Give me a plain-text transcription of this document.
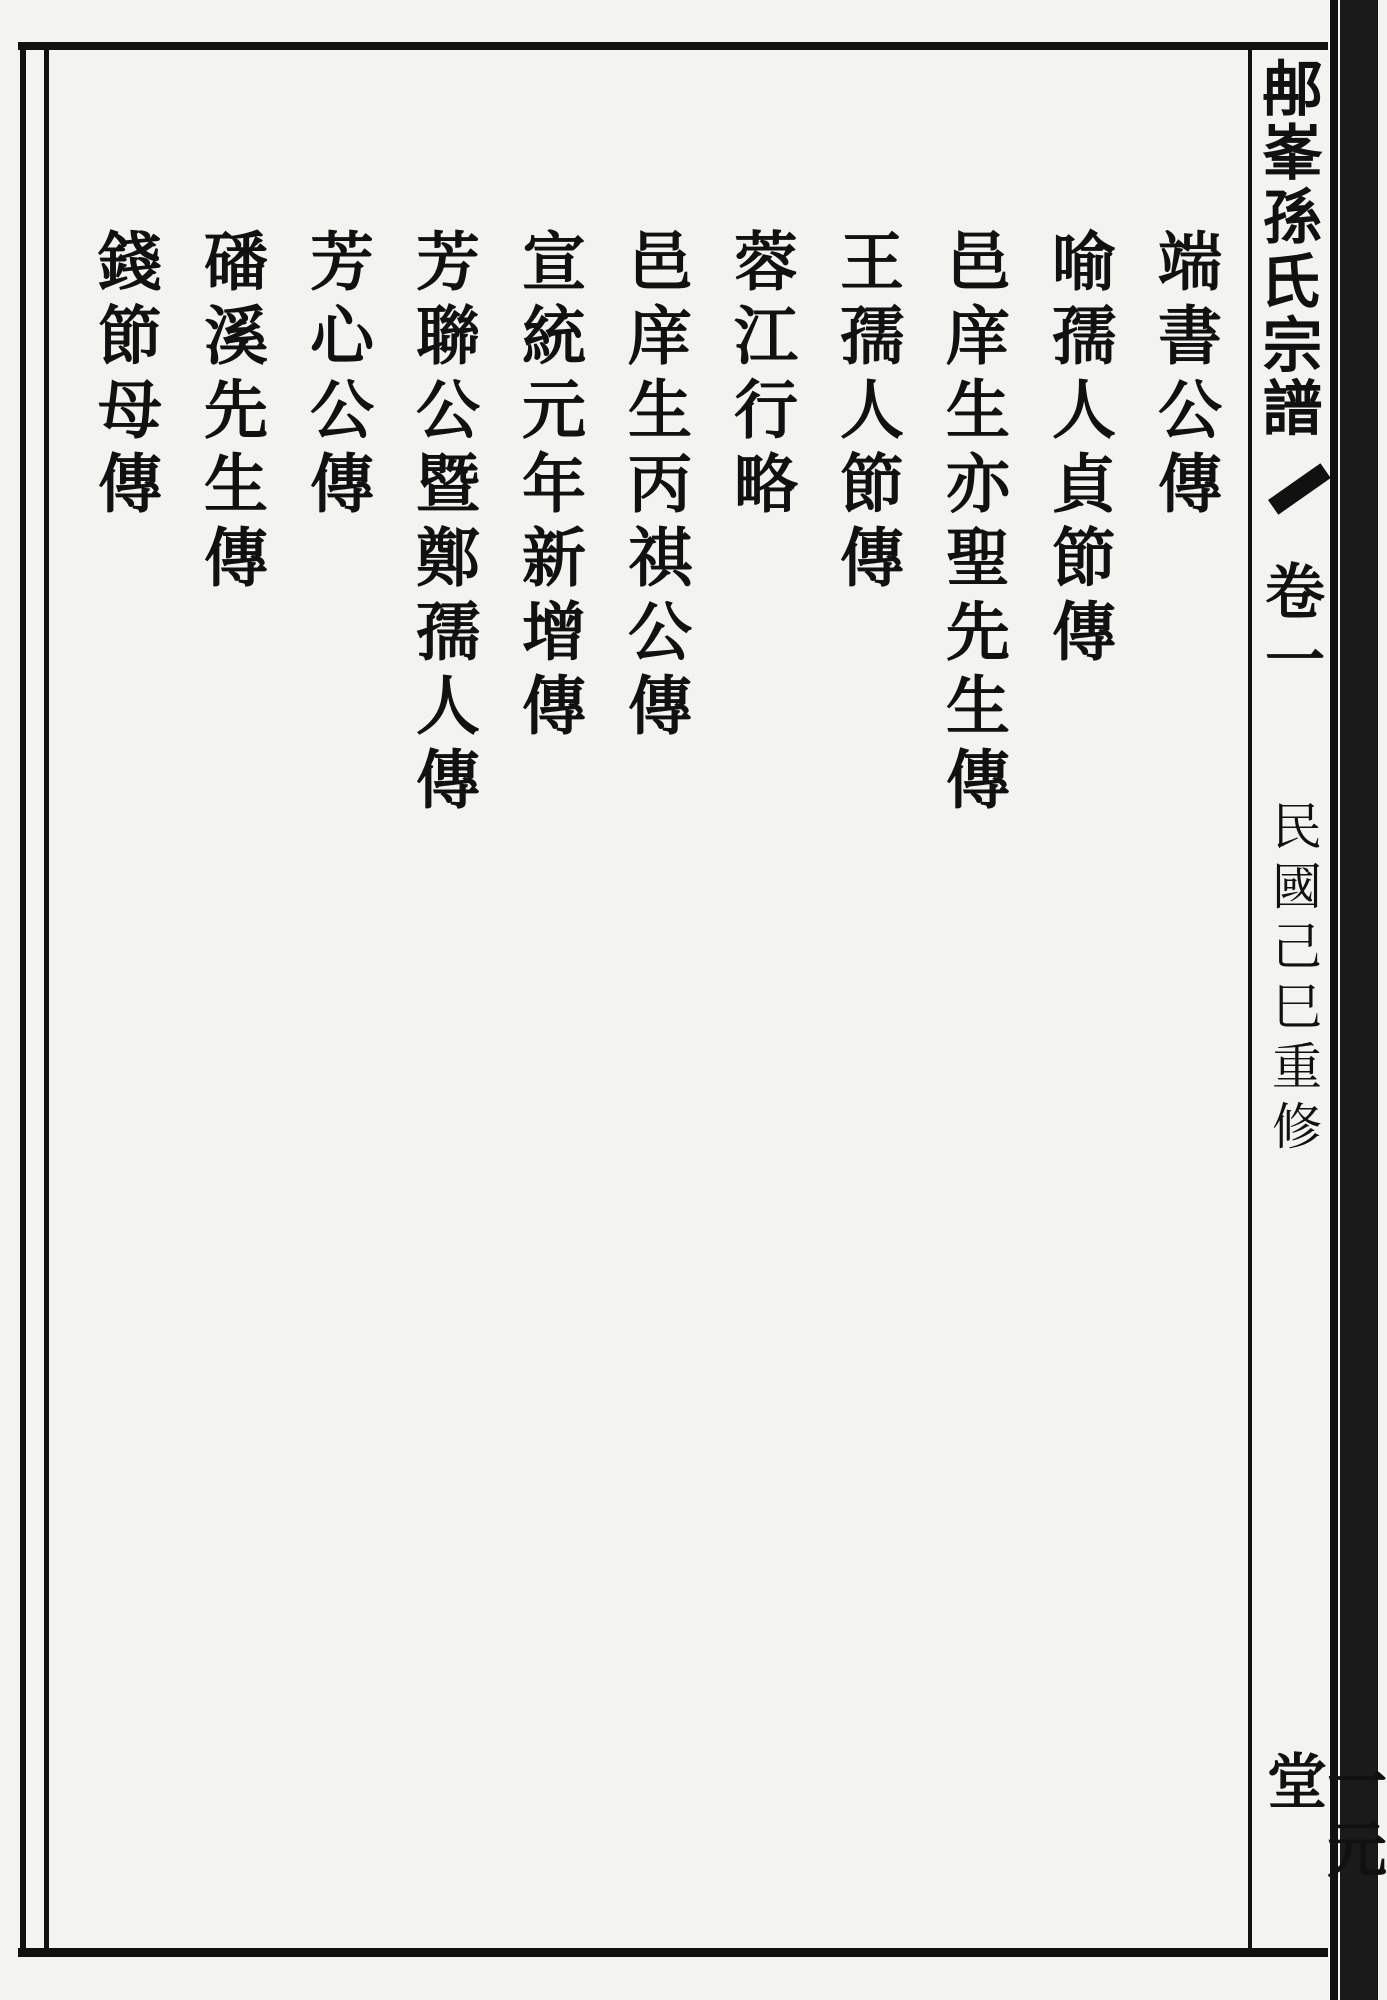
𨚗峯孫氏宗譜
卷一
民國己巳重修
一元堂
端書公傳
喻孺人貞節傳
邑庠生亦聖先生傳
王孺人節傳
蓉江行略
邑庠生丙祺公傳
宣統元年新增傳
芳聯公暨鄭孺人傳
芳心公傳
磻溪先生傳
錢節母傳
